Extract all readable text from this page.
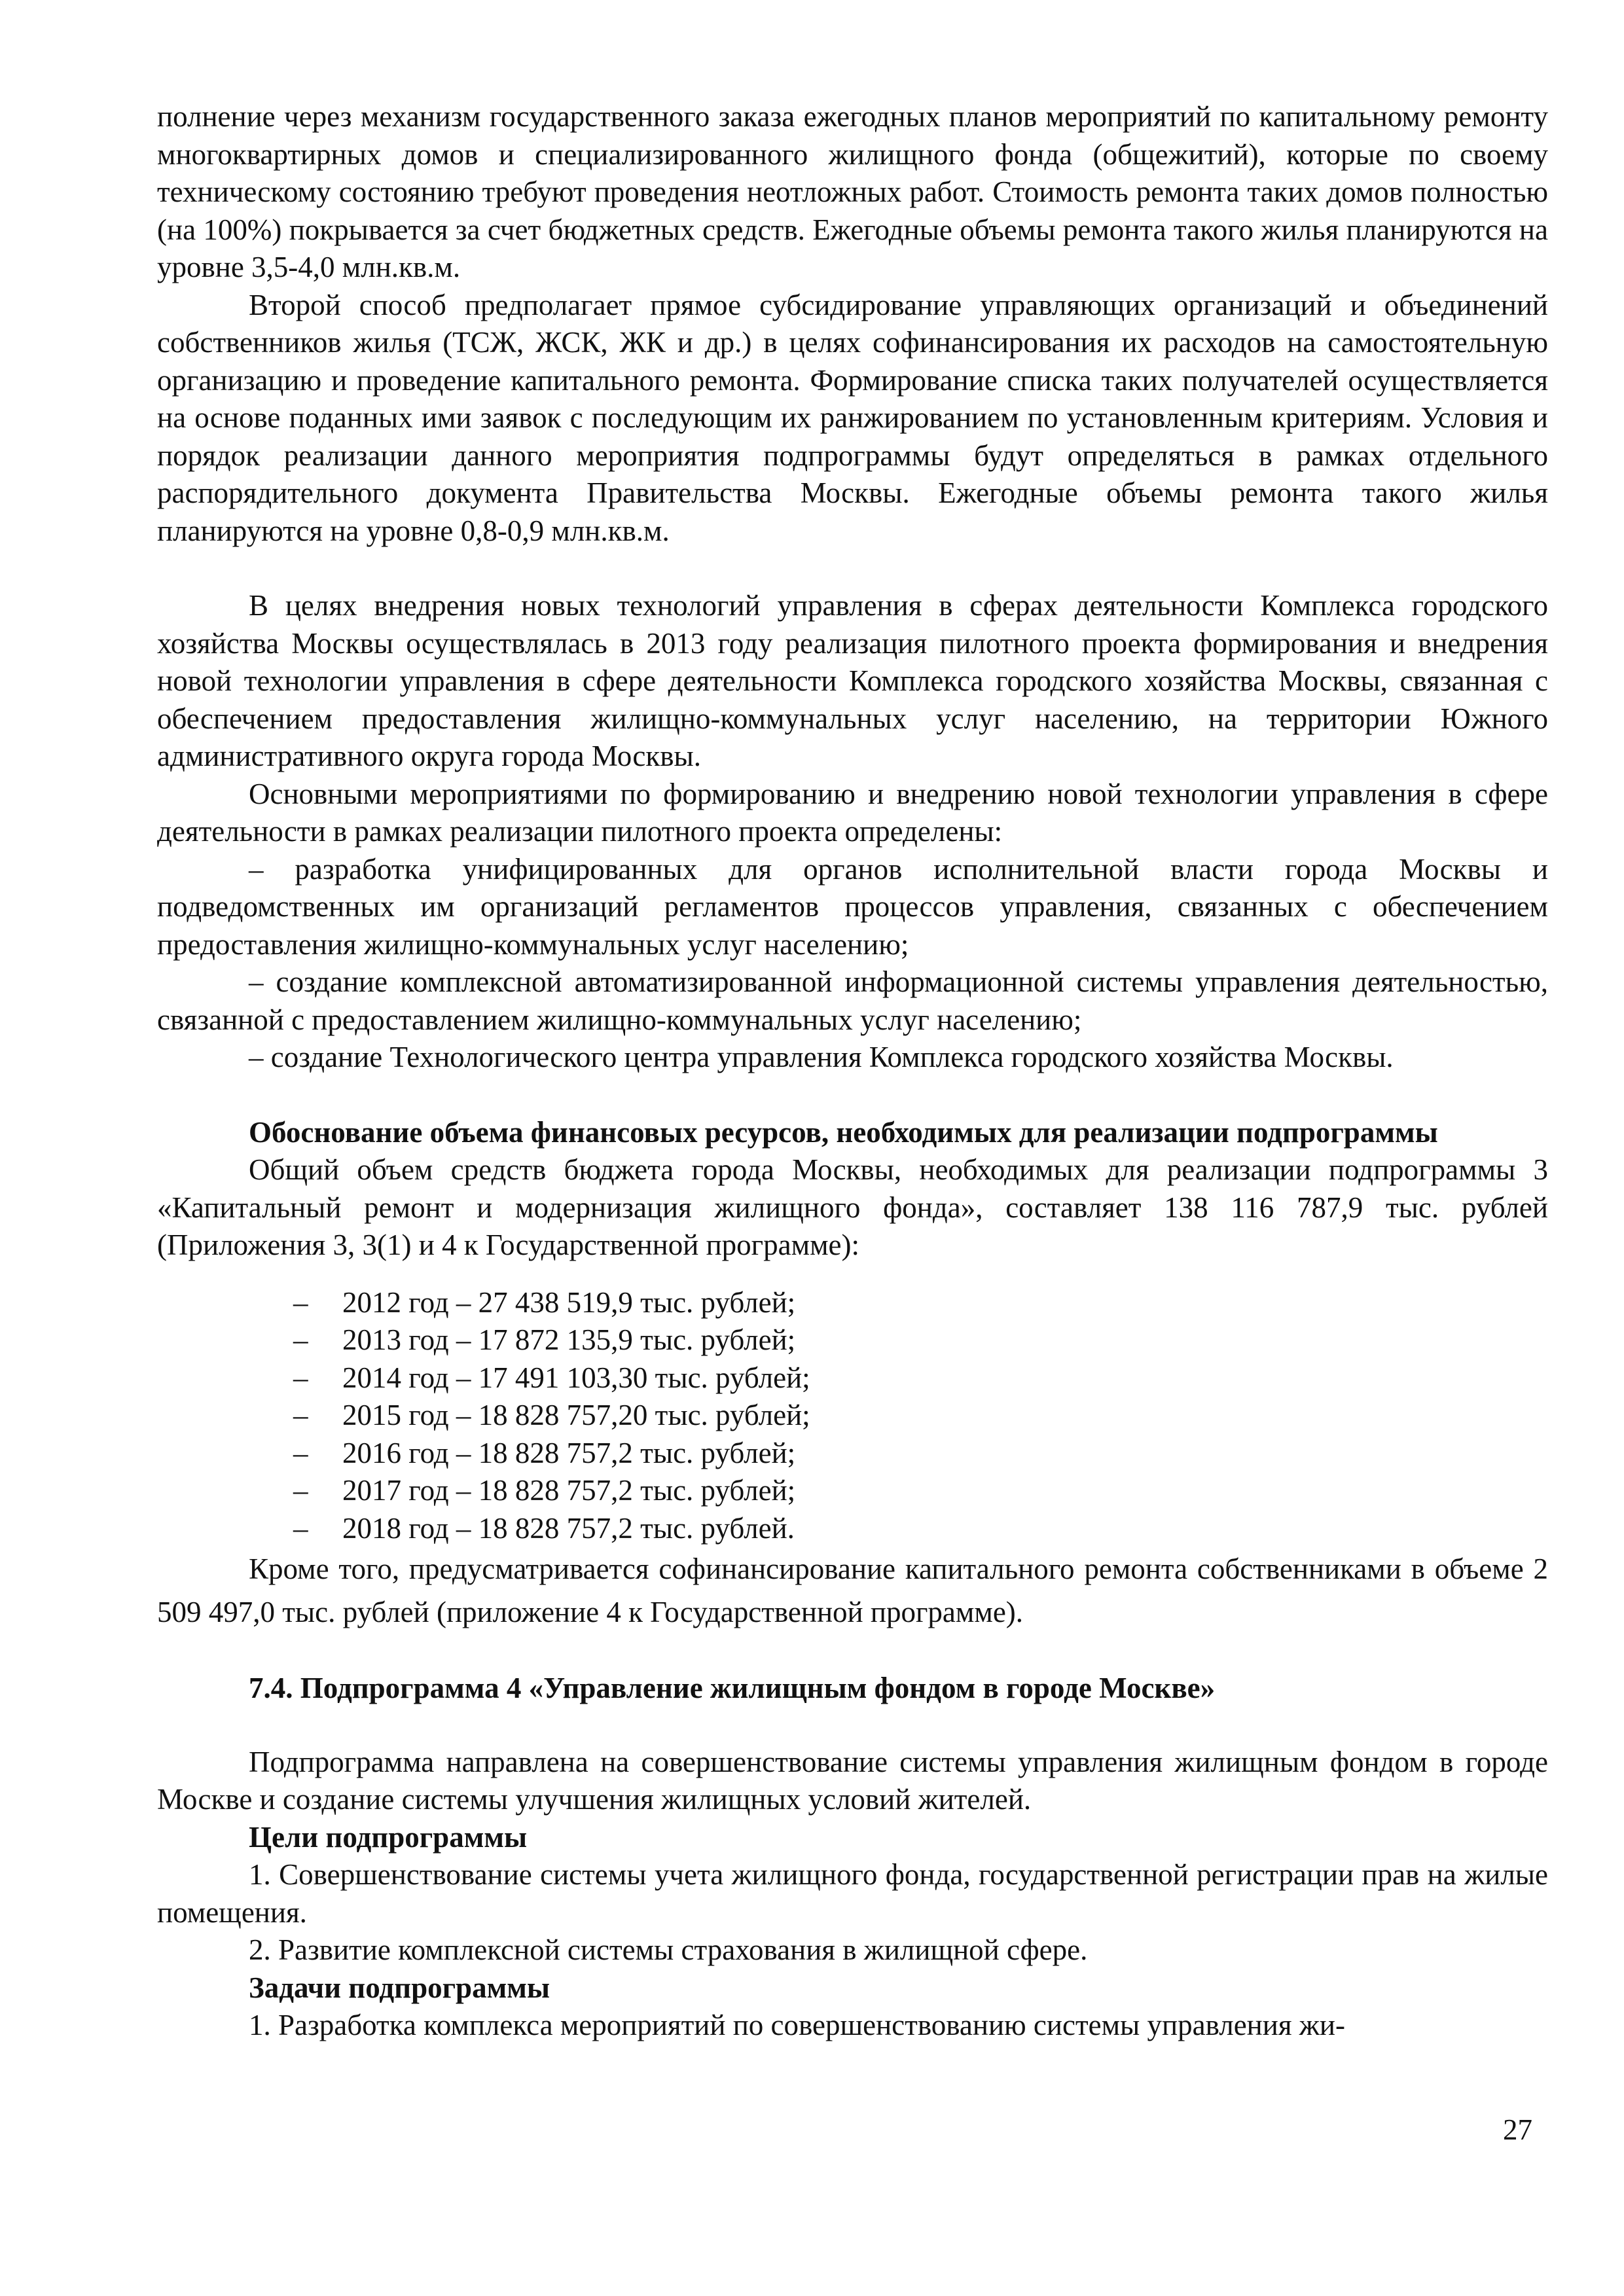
полнение через механизм государственного заказа ежегодных планов мероприятий по капитальному ремонту многоквартирных домов и специализированного жилищного фонда (общежитий), которые по своему техническому состоянию требуют проведения неотложных работ. Стоимость ремонта таких домов полностью (на 100%) покрывается за счет бюджетных средств. Ежегодные объемы ремонта такого жилья планируются на уровне 3,5-4,0 млн.кв.м.

Второй способ предполагает прямое субсидирование управляющих организаций и объединений собственников жилья (ТСЖ, ЖСК, ЖК и др.) в целях софинансирования их расходов на самостоятельную организацию и проведение капитального ремонта. Формирование списка таких получателей осуществляется на основе поданных ими заявок с последующим их ранжированием по установленным критериям. Условия и порядок реализации данного мероприятия подпрограммы будут определяться в рамках отдельного распорядительного документа Правительства Москвы. Ежегодные объемы ремонта такого жилья планируются на уровне 0,8-0,9 млн.кв.м.

В целях внедрения новых технологий управления в сферах деятельности Комплекса городского хозяйства Москвы осуществлялась в 2013 году реализация пилотного проекта формирования и внедрения новой технологии управления в сфере деятельности Комплекса городского хозяйства Москвы, связанная с обеспечением предоставления жилищно-коммунальных услуг населению, на территории Южного административного округа города Москвы.

Основными мероприятиями по формированию и внедрению новой технологии управления в сфере деятельности в рамках реализации пилотного проекта определены:

– разработка унифицированных для органов исполнительной власти города Москвы и подведомственных им организаций регламентов процессов управления, связанных с обеспечением предоставления жилищно-коммунальных услуг населению;

– создание комплексной автоматизированной информационной системы управления деятельностью, связанной с предоставлением жилищно-коммунальных услуг населению;

– создание Технологического центра управления Комплекса городского хозяйства Москвы.

Обоснование объема финансовых ресурсов, необходимых для реализации подпрограммы

Общий объем средств бюджета города Москвы, необходимых для реализации подпрограммы 3 «Капитальный ремонт и модернизация жилищного фонда», составляет 138 116 787,9 тыс. рублей (Приложения 3, 3(1) и 4 к Государственной программе):

– 2012 год – 27 438 519,9 тыс. рублей;
– 2013 год – 17 872 135,9 тыс. рублей;
– 2014 год – 17 491 103,30 тыс. рублей;
– 2015 год – 18 828 757,20 тыс. рублей;
– 2016 год – 18 828 757,2 тыс. рублей;
– 2017 год – 18 828 757,2 тыс. рублей;
– 2018 год – 18 828 757,2 тыс. рублей.

Кроме того, предусматривается софинансирование капитального ремонта собственниками в объеме 2 509 497,0 тыс. рублей (приложение 4 к Государственной программе).

7.4. Подпрограмма 4 «Управление жилищным фондом в городе Москве»

Подпрограмма направлена на совершенствование системы управления жилищным фондом в городе Москве и создание системы улучшения жилищных условий жителей.

Цели подпрограммы

1. Совершенствование системы учета жилищного фонда, государственной регистрации прав на жилые помещения.

2. Развитие комплексной системы страхования в жилищной сфере.

Задачи подпрограммы

1. Разработка комплекса мероприятий по совершенствованию системы управления жи-

27
